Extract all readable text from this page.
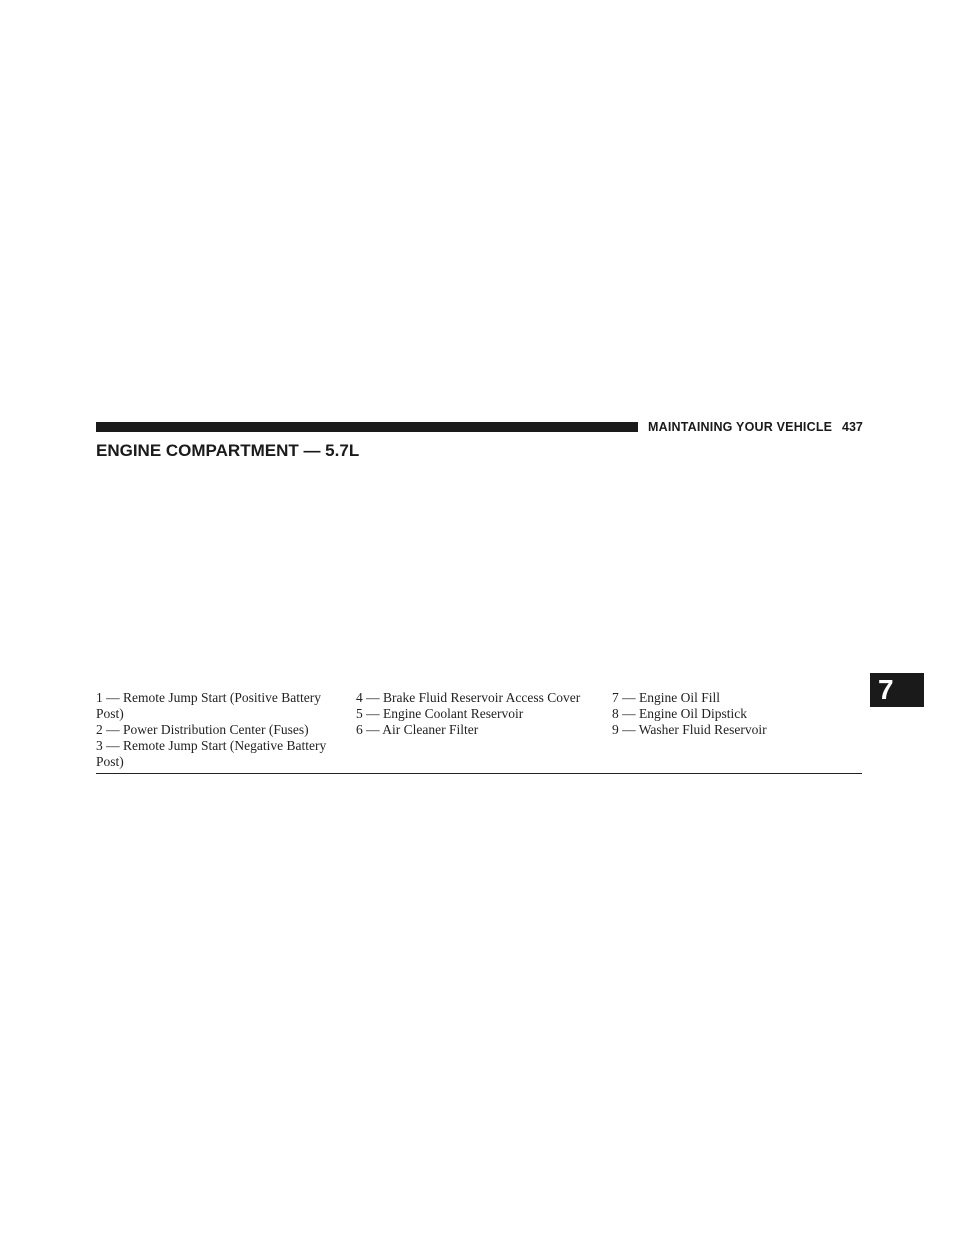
MAINTAINING YOUR VEHICLE 437
ENGINE COMPARTMENT — 5.7L
1 — Remote Jump Start (Positive Battery Post)
2 — Power Distribution Center (Fuses)
3 — Remote Jump Start (Negative Battery Post)
4 — Brake Fluid Reservoir Access Cover
5 — Engine Coolant Reservoir
6 — Air Cleaner Filter
7 — Engine Oil Fill
8 — Engine Oil Dipstick
9 — Washer Fluid Reservoir
7
